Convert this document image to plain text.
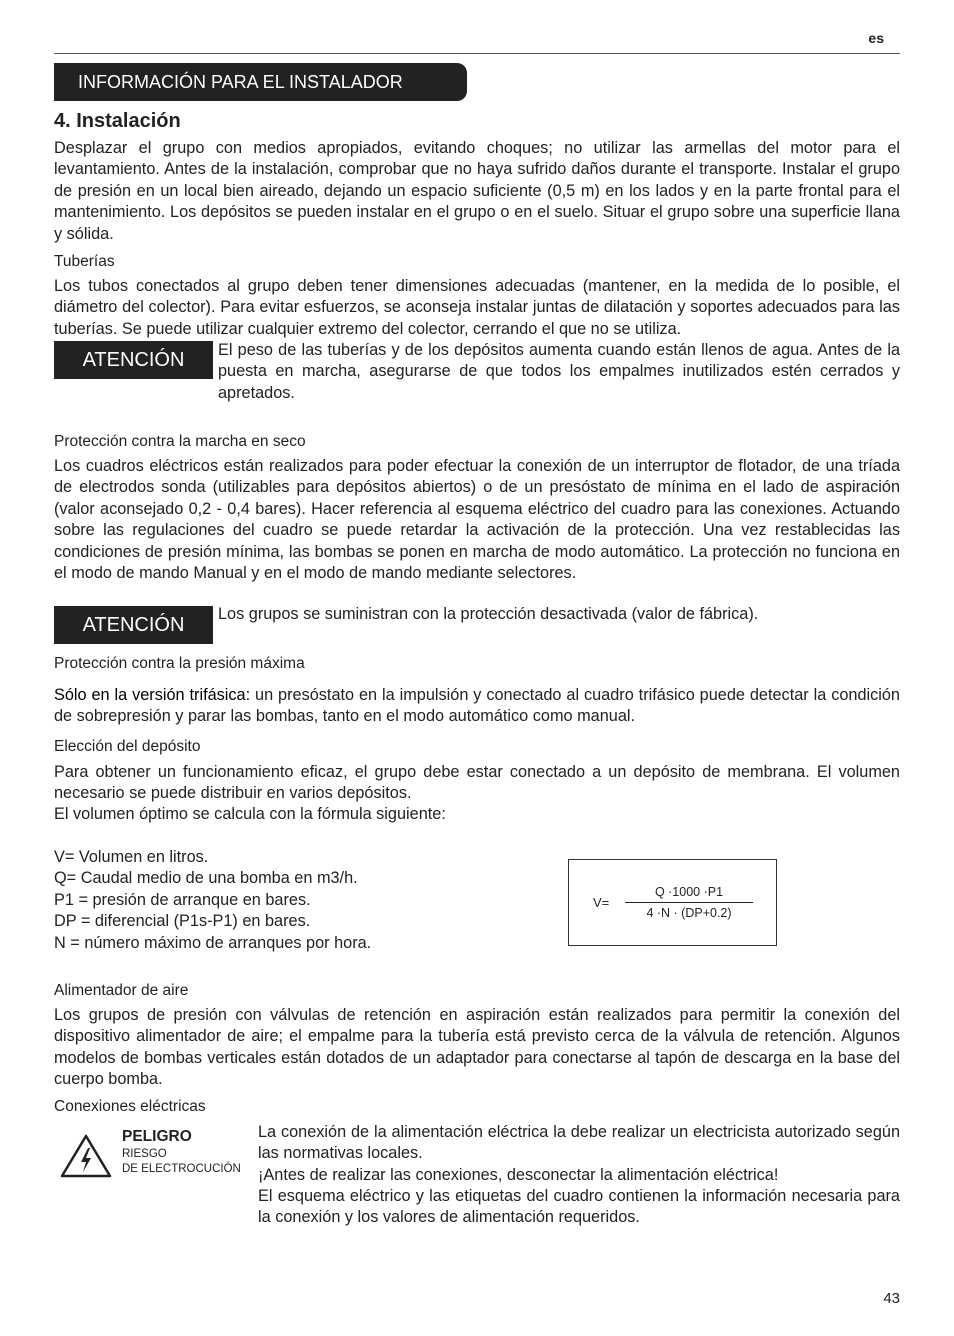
es
INFORMACIÓN PARA EL INSTALADOR
4. Instalación

Desplazar el grupo con medios apropiados, evitando choques; no utilizar las armellas del motor para el levantamiento. Antes de la instalación, comprobar que no haya sufrido daños durante el transporte. Instalar el grupo de presión en un local bien aireado, dejando un espacio suficiente (0,5 m) en los lados y en la parte frontal para el mantenimiento. Los depósitos se pueden instalar en el grupo o en el suelo. Situar el grupo sobre una superficie llana y sólida.

Tuberías

Los tubos conectados al grupo deben tener dimensiones adecuadas (mantener, en la medida de lo posible, el diámetro del colector). Para evitar esfuerzos, se aconseja instalar juntas de dilatación y soportes adecuados para las tuberías. Se puede utilizar cualquier extremo del colector, cerrando el que no se utiliza.

ATENCIÓN	El peso de las tuberías y de los depósitos aumenta cuando están llenos de agua. Antes de la puesta en marcha, asegurarse de que todos los empalmes inutilizados estén cerrados y apretados.

Protección contra la marcha en seco

Los cuadros eléctricos están realizados para poder efectuar la conexión de un interruptor de flotador, de una tríada de electrodos sonda (utilizables para depósitos abiertos) o de un presóstato de mínima en el lado de aspiración (valor aconsejado 0,2 - 0,4 bares). Hacer referencia al esquema eléctrico del cuadro para las conexiones. Actuando sobre las regulaciones del cuadro se puede retardar la activación de la protección. Una vez restablecidas las condiciones de presión mínima, las bombas se ponen en marcha de modo automático. La protección no funciona en el modo de mando Manual y en el modo de mando mediante selectores.

ATENCIÓN	Los grupos se suministran con la protección desactivada (valor de fábrica).

Protección contra la presión máxima

Sólo en la versión trifásica: un presóstato en la impulsión y conectado al cuadro trifásico puede detectar la condición de sobrepresión y parar las bombas, tanto en el modo automático como manual.

Elección del depósito

Para obtener un funcionamiento eficaz, el grupo debe estar conectado a un depósito de membrana. El volumen necesario se puede distribuir en varios depósitos.

El volumen óptimo se calcula con la fórmula siguiente:

V= Volumen en litros.
Q= Caudal medio de una bomba en m3/h.
P1 = presión de arranque en bares.
DP = diferencial (P1s-P1) en bares.
N = número máximo de arranques por hora.
V=
Q ·1000 ·P1
4 ·N · (DP+0.2)
Alimentador de aire

Los grupos de presión con válvulas de retención en aspiración están realizados para permitir la conexión del dispositivo alimentador de aire; el empalme para la tubería está previsto cerca de la válvula de retención. Algunos modelos de bombas verticales están dotados de un adaptador para conectarse al tapón de descarga en la base del cuerpo bomba.

Conexiones eléctricas
PELIGRO
RIESGO
DE ELECTROCUCIÓN

La conexión de la alimentación eléctrica la debe realizar un electricista autorizado según las normativas locales.

¡Antes de realizar las conexiones, desconectar la alimentación eléctrica!

El esquema eléctrico y las etiquetas del cuadro contienen la información necesaria para la conexión y los valores de alimentación requeridos.

43
